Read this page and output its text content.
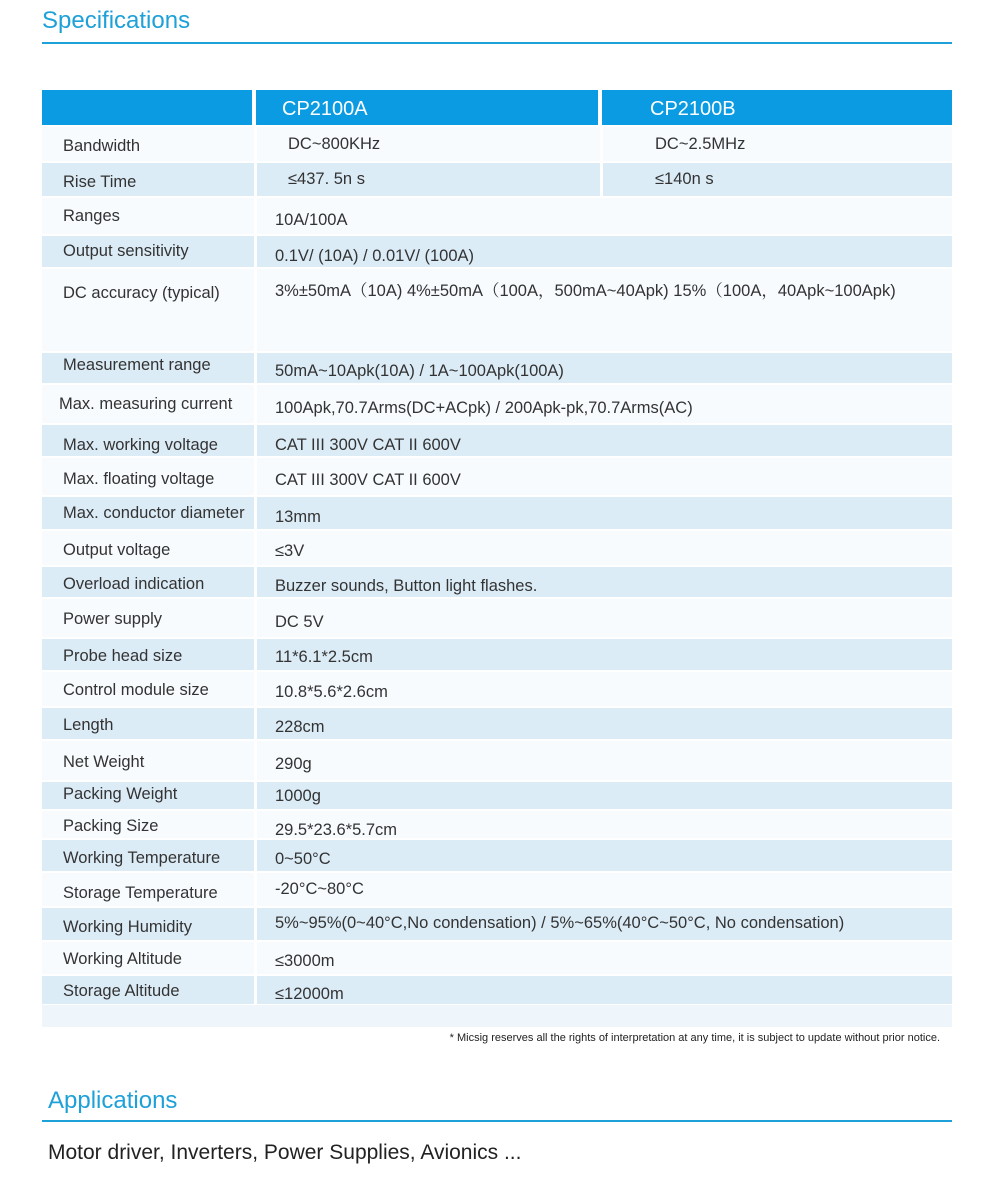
Specifications
CP2100A	CP2100B
Bandwidth	DC~800KHz	DC~2.5MHz
Rise Time	≤437. 5n s	≤140n s
Ranges	10A/100A
Output sensitivity	0.1V/ (10A) / 0.01V/ (100A)
DC accuracy (typical)	3%±50mA（10A) 4%±50mA（100A，500mA~40Apk) 15%（100A，40Apk~100Apk)
Measurement range	50mA~10Apk(10A) / 1A~100Apk(100A)
Max. measuring current	100Apk,70.7Arms(DC+ACpk) / 200Apk-pk,70.7Arms(AC)
Max. working voltage	CAT III 300V CAT II 600V
Max. floating voltage	CAT III 300V CAT II 600V
Max. conductor diameter 13mm
Output voltage	≤3V
Overload indication	Buzzer sounds, Button light flashes.
Power supply	DC 5V
Probe head size	11*6.1*2.5cm
Control module size	10.8*5.6*2.6cm
Length	228cm
Net Weight	290g
Packing Weight	1000g
Packing Size	29.5*23.6*5.7cm
Working Temperature	0~50°C
Storage Temperature	-20°C~80°C
Working Humidity	5%~95%(0~40°C,No condensation) / 5%~65%(40°C~50°C, No condensation)
Working Altitude	≤3000m
Storage Altitude	≤12000m
* Micsig reserves all the rights of interpretation at any time, it is subject to update without prior notice.
Applications
Motor driver, Inverters, Power Supplies, Avionics ...
